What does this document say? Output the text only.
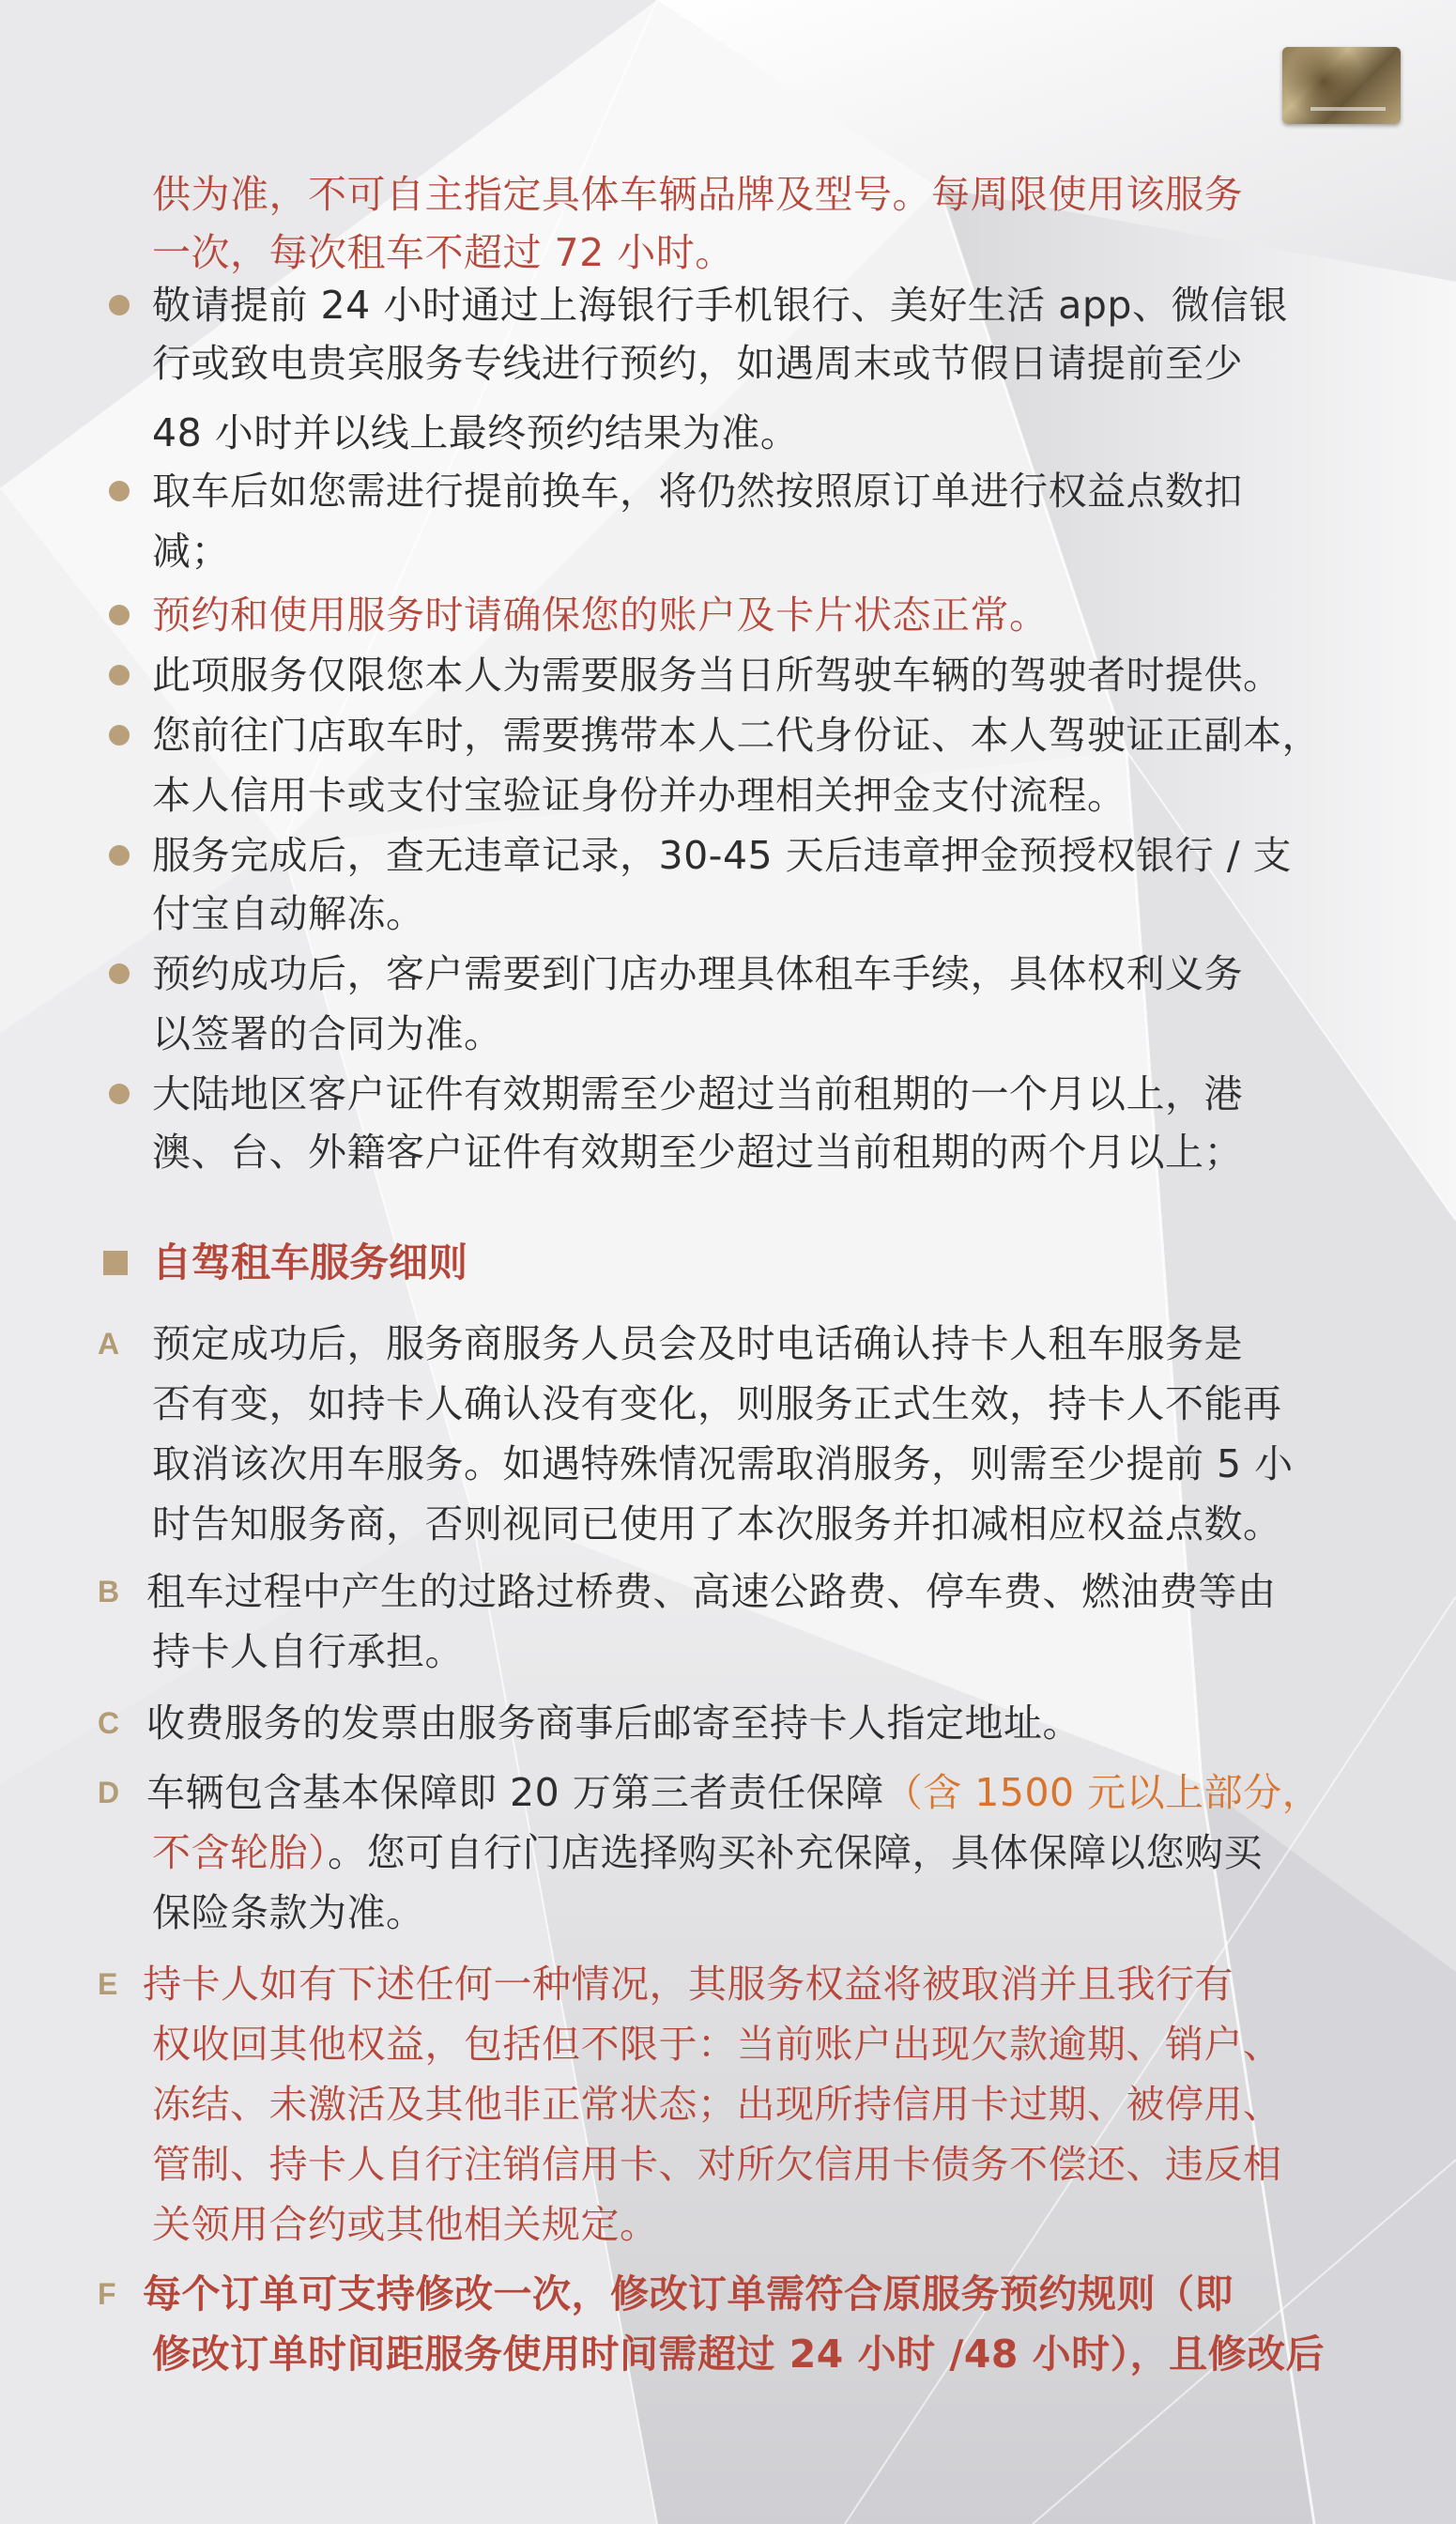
供为准，不可自主指定具体车辆品牌及型号。每周限使用该服务
一次，每次租车不超过 72 小时。
敬请提前 24 小时通过上海银行手机银行、美好生活 app、微信银
行或致电贵宾服务专线进行预约，如遇周末或节假日请提前至少
48 小时并以线上最终预约结果为准。
取车后如您需进行提前换车，将仍然按照原订单进行权益点数扣
减；
预约和使用服务时请确保您的账户及卡片状态正常。
此项服务仅限您本人为需要服务当日所驾驶车辆的驾驶者时提供。
您前往门店取车时，需要携带本人二代身份证、本人驾驶证正副本，
本人信用卡或支付宝验证身份并办理相关押金支付流程。
服务完成后，查无违章记录，30-45 天后违章押金预授权银行 / 支
付宝自动解冻。
预约成功后，客户需要到门店办理具体租车手续，具体权利义务
以签署的合同为准。
大陆地区客户证件有效期需至少超过当前租期的一个月以上，港
澳、台、外籍客户证件有效期至少超过当前租期的两个月以上；
自驾租车服务细则
A 预定成功后，服务商服务人员会及时电话确认持卡人租车服务是
否有变，如持卡人确认没有变化，则服务正式生效，持卡人不能再
取消该次用车服务。如遇特殊情况需取消服务，则需至少提前 5 小
时告知服务商，否则视同已使用了本次服务并扣减相应权益点数。
B 租车过程中产生的过路过桥费、高速公路费、停车费、燃油费等由
持卡人自行承担。
C 收费服务的发票由服务商事后邮寄至持卡人指定地址。
D 车辆包含基本保障即 20 万第三者责任保障（含 1500 元以上部分，
不含轮胎）。您可自行门店选择购买补充保障，具体保障以您购买
保险条款为准。
E 持卡人如有下述任何一种情况，其服务权益将被取消并且我行有
权收回其他权益，包括但不限于：当前账户出现欠款逾期、销户、
冻结、未激活及其他非正常状态；出现所持信用卡过期、被停用、
管制、持卡人自行注销信用卡、对所欠信用卡债务不偿还、违反相
关领用合约或其他相关规定。
F 每个订单可支持修改一次，修改订单需符合原服务预约规则（即
修改订单时间距服务使用时间需超过 24 小时 /48 小时），且修改后
